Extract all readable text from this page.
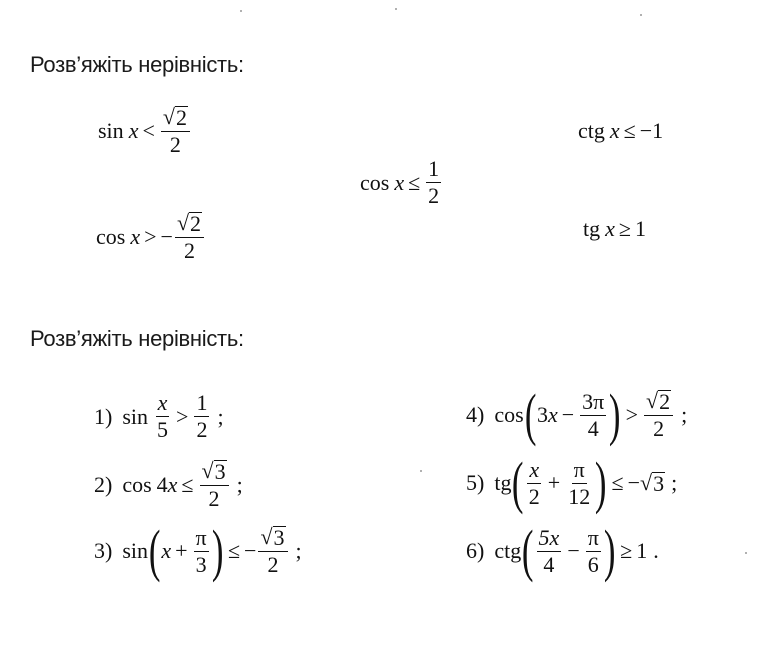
Розв’яжіть нерівність:
$\sin x < \frac{√ 2}{2}$	ctg x ≤ −1
$\cos x \le \frac{1}{2}$
cos x > − $\frac{√ 2}{2}$	tg x ≥ 1
Розв’яжіть нерівність:
1) $\sin \frac{x}{5} > \frac{1}{2}$ ;
2) cos 4 $x \le \frac{√ 3}{2}$ ;
3) sin ( $x + \frac{\pi}{3}$ ) ≤ − $\frac{√ 3}{2}$ ;
4) cos ( 3 $x - \frac{3\pi}{4}$ ) > $\frac{√ 2}{2}$ ;
5) tg ( $\frac{x}{2} + \frac{\pi}{12}$ ) ≤ − √ 3 ;
6) ctg ( $\frac{5x}{4} - \frac{\pi}{6}$ ) ≥ 1 .
